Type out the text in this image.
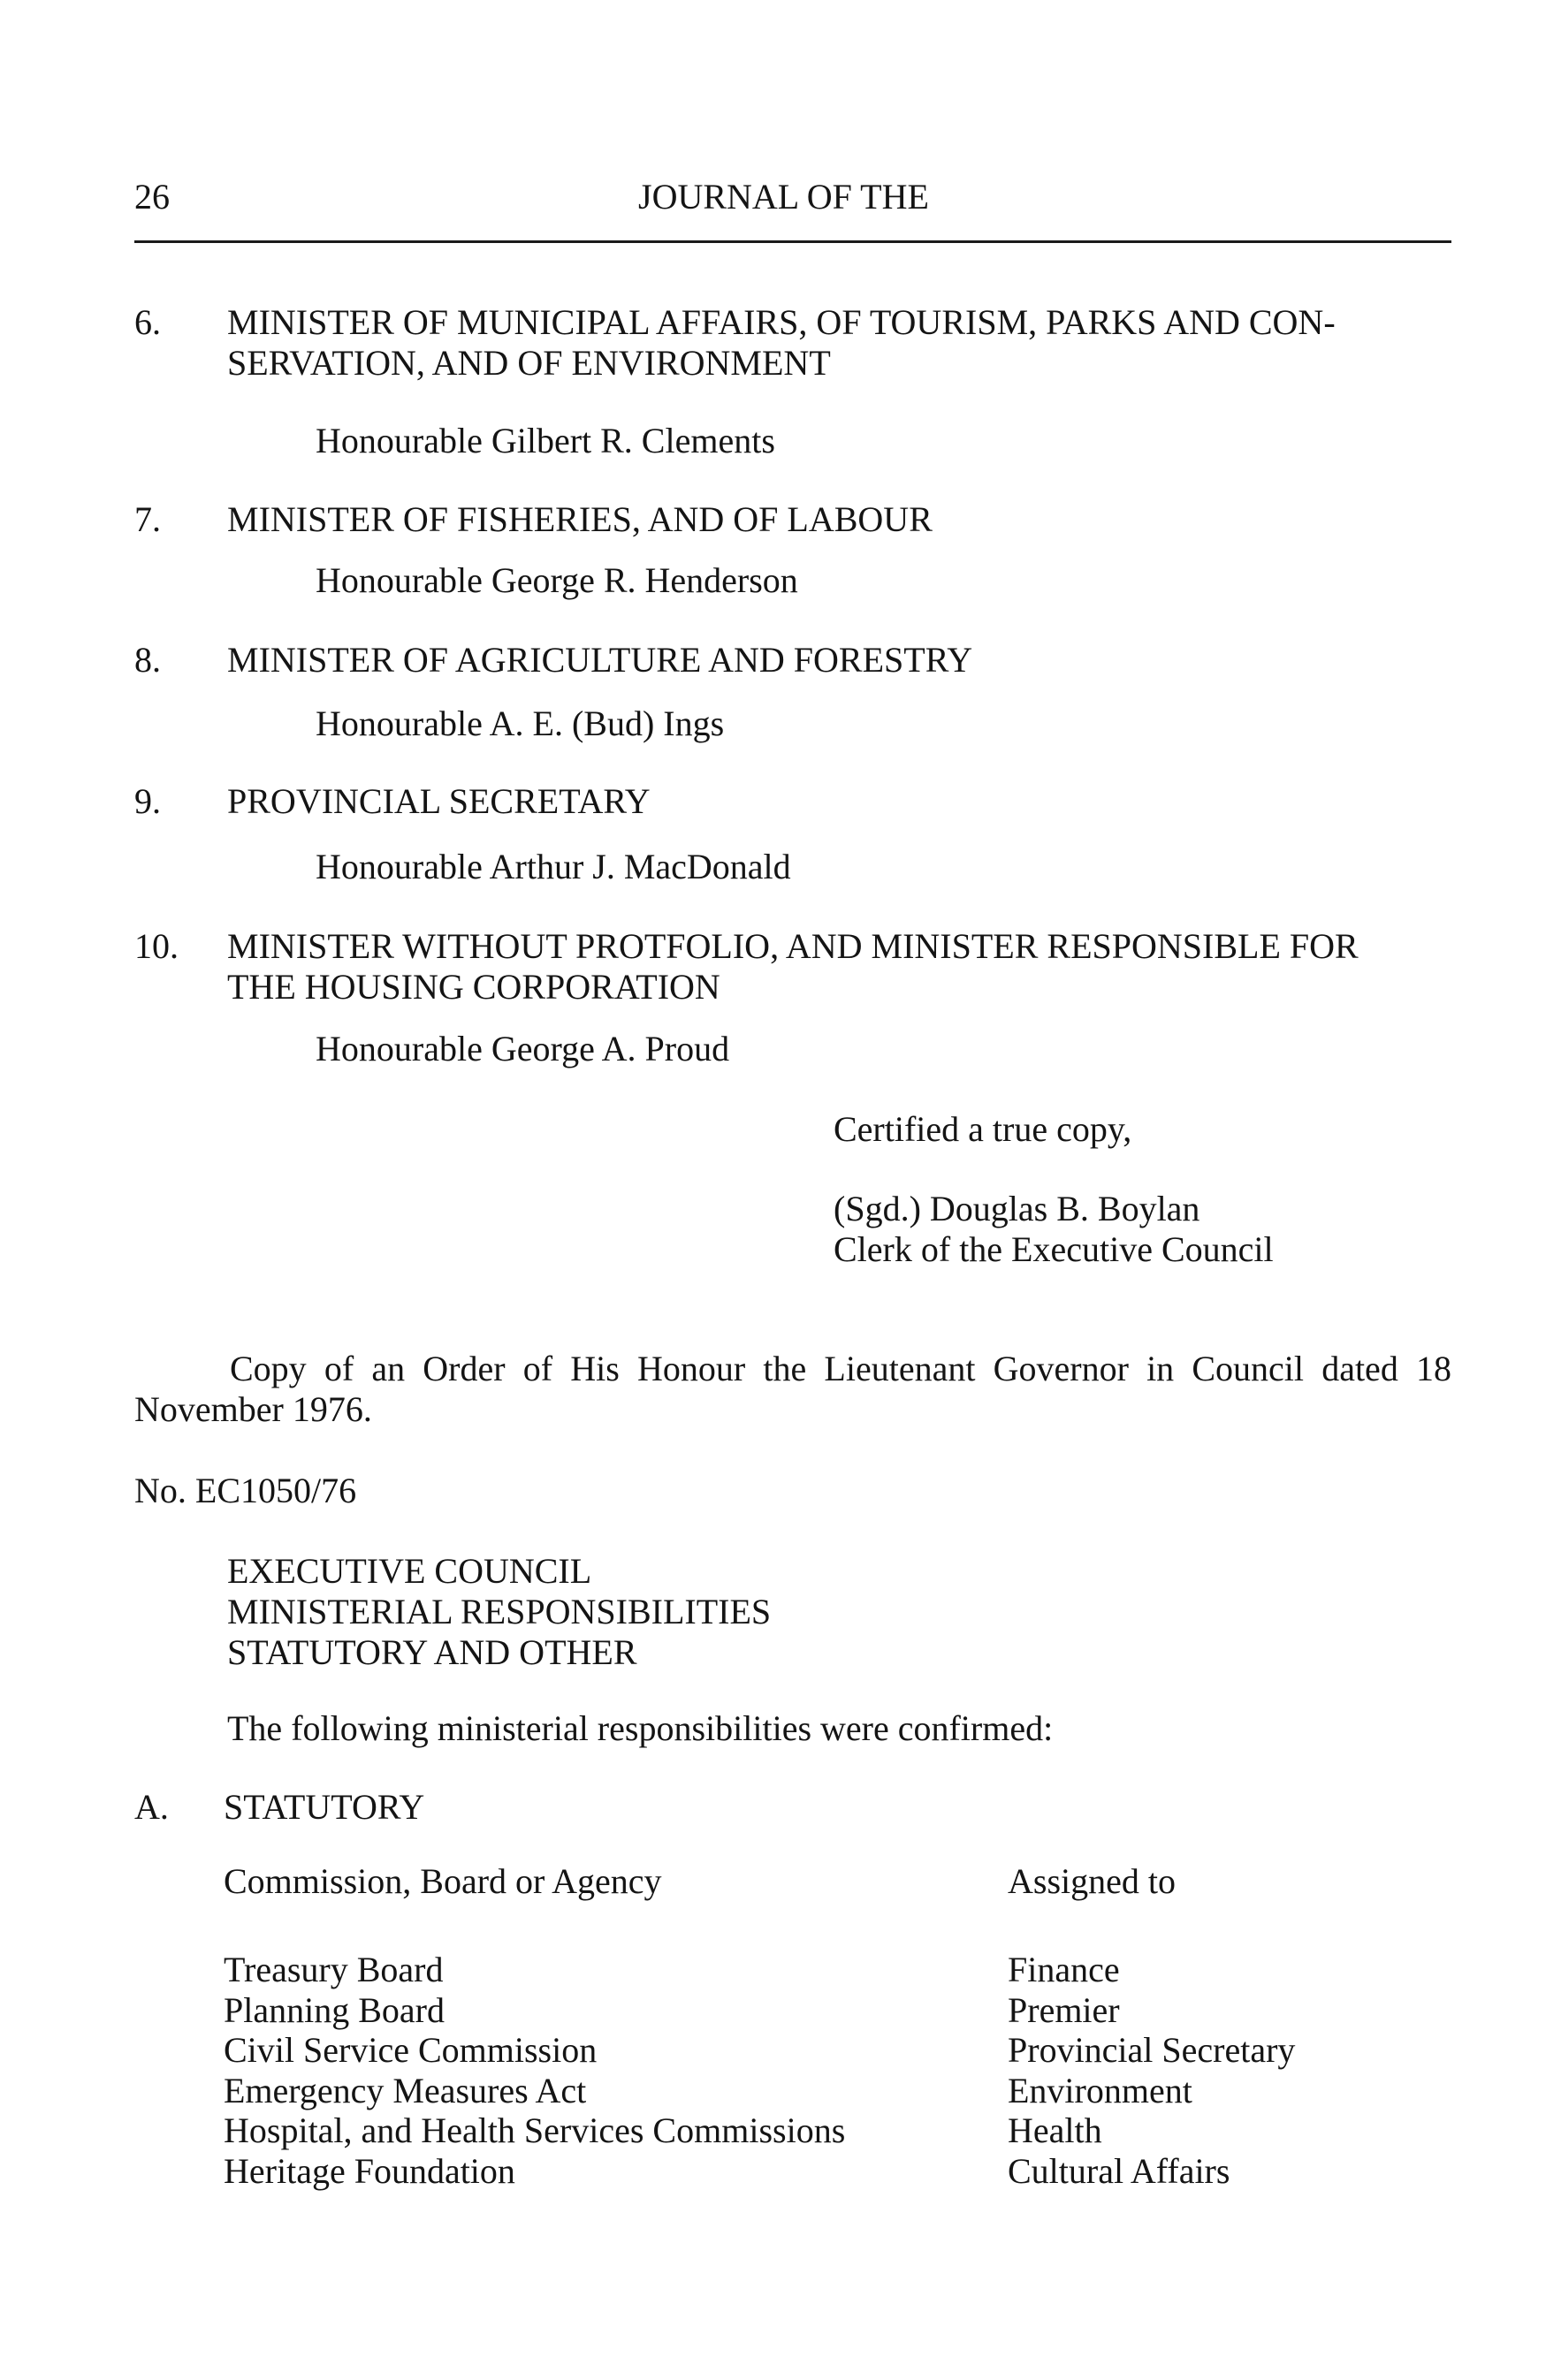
26	JOURNAL OF THE
6. MINISTER OF MUNICIPAL AFFAIRS, OF TOURISM, PARKS AND CON-
SERVATION, AND OF ENVIRONMENT
Honourable Gilbert R. Clements
7. MINISTER OF FISHERIES, AND OF LABOUR
Honourable George R. Henderson
8. MINISTER OF AGRICULTURE AND FORESTRY
Honourable A. E. (Bud) Ings
9. PROVINCIAL SECRETARY
Honourable Arthur J. MacDonald
10. MINISTER WITHOUT PROTFOLIO, AND MINISTER RESPONSIBLE FOR
THE HOUSING CORPORATION
Honourable George A. Proud
Certified a true copy,
(Sgd.) Douglas B. Boylan
Clerk of the Executive Council
Copy of an Order of His Honour the Lieutenant Governor in Council dated 18
November 1976.
No. EC1050/76
EXECUTIVE COUNCIL
MINISTERIAL RESPONSIBILITIES
STATUTORY AND OTHER
The following ministerial responsibilities were confirmed:
A. STATUTORY
Commission, Board or Agency	Assigned to
Treasury Board	Finance
Planning Board	Premier
Civil Service Commission	Provincial Secretary
Emergency Measures Act	Environment
Hospital, and Health Services Commissions	Health
Heritage Foundation	Cultural Affairs
